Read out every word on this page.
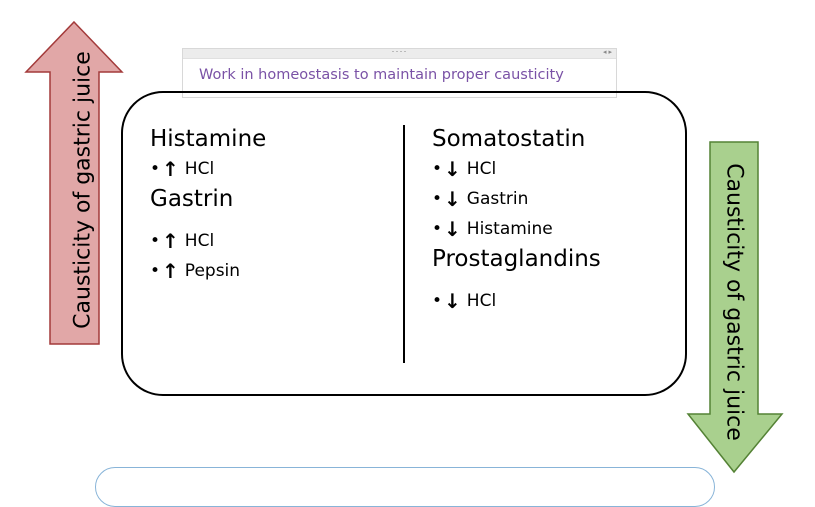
Causticity of gastric juice	Causticity of gastric juice
····	◂ ▸
Work in homeostasis to maintain proper causticity
Histamine
• ↑ HCl
Gastrin
• ↑ HCl
• ↑ Pepsin
Somatostatin
• ↓ HCl
• ↓ Gastrin
• ↓ Histamine
Prostaglandins
• ↓ HCl
